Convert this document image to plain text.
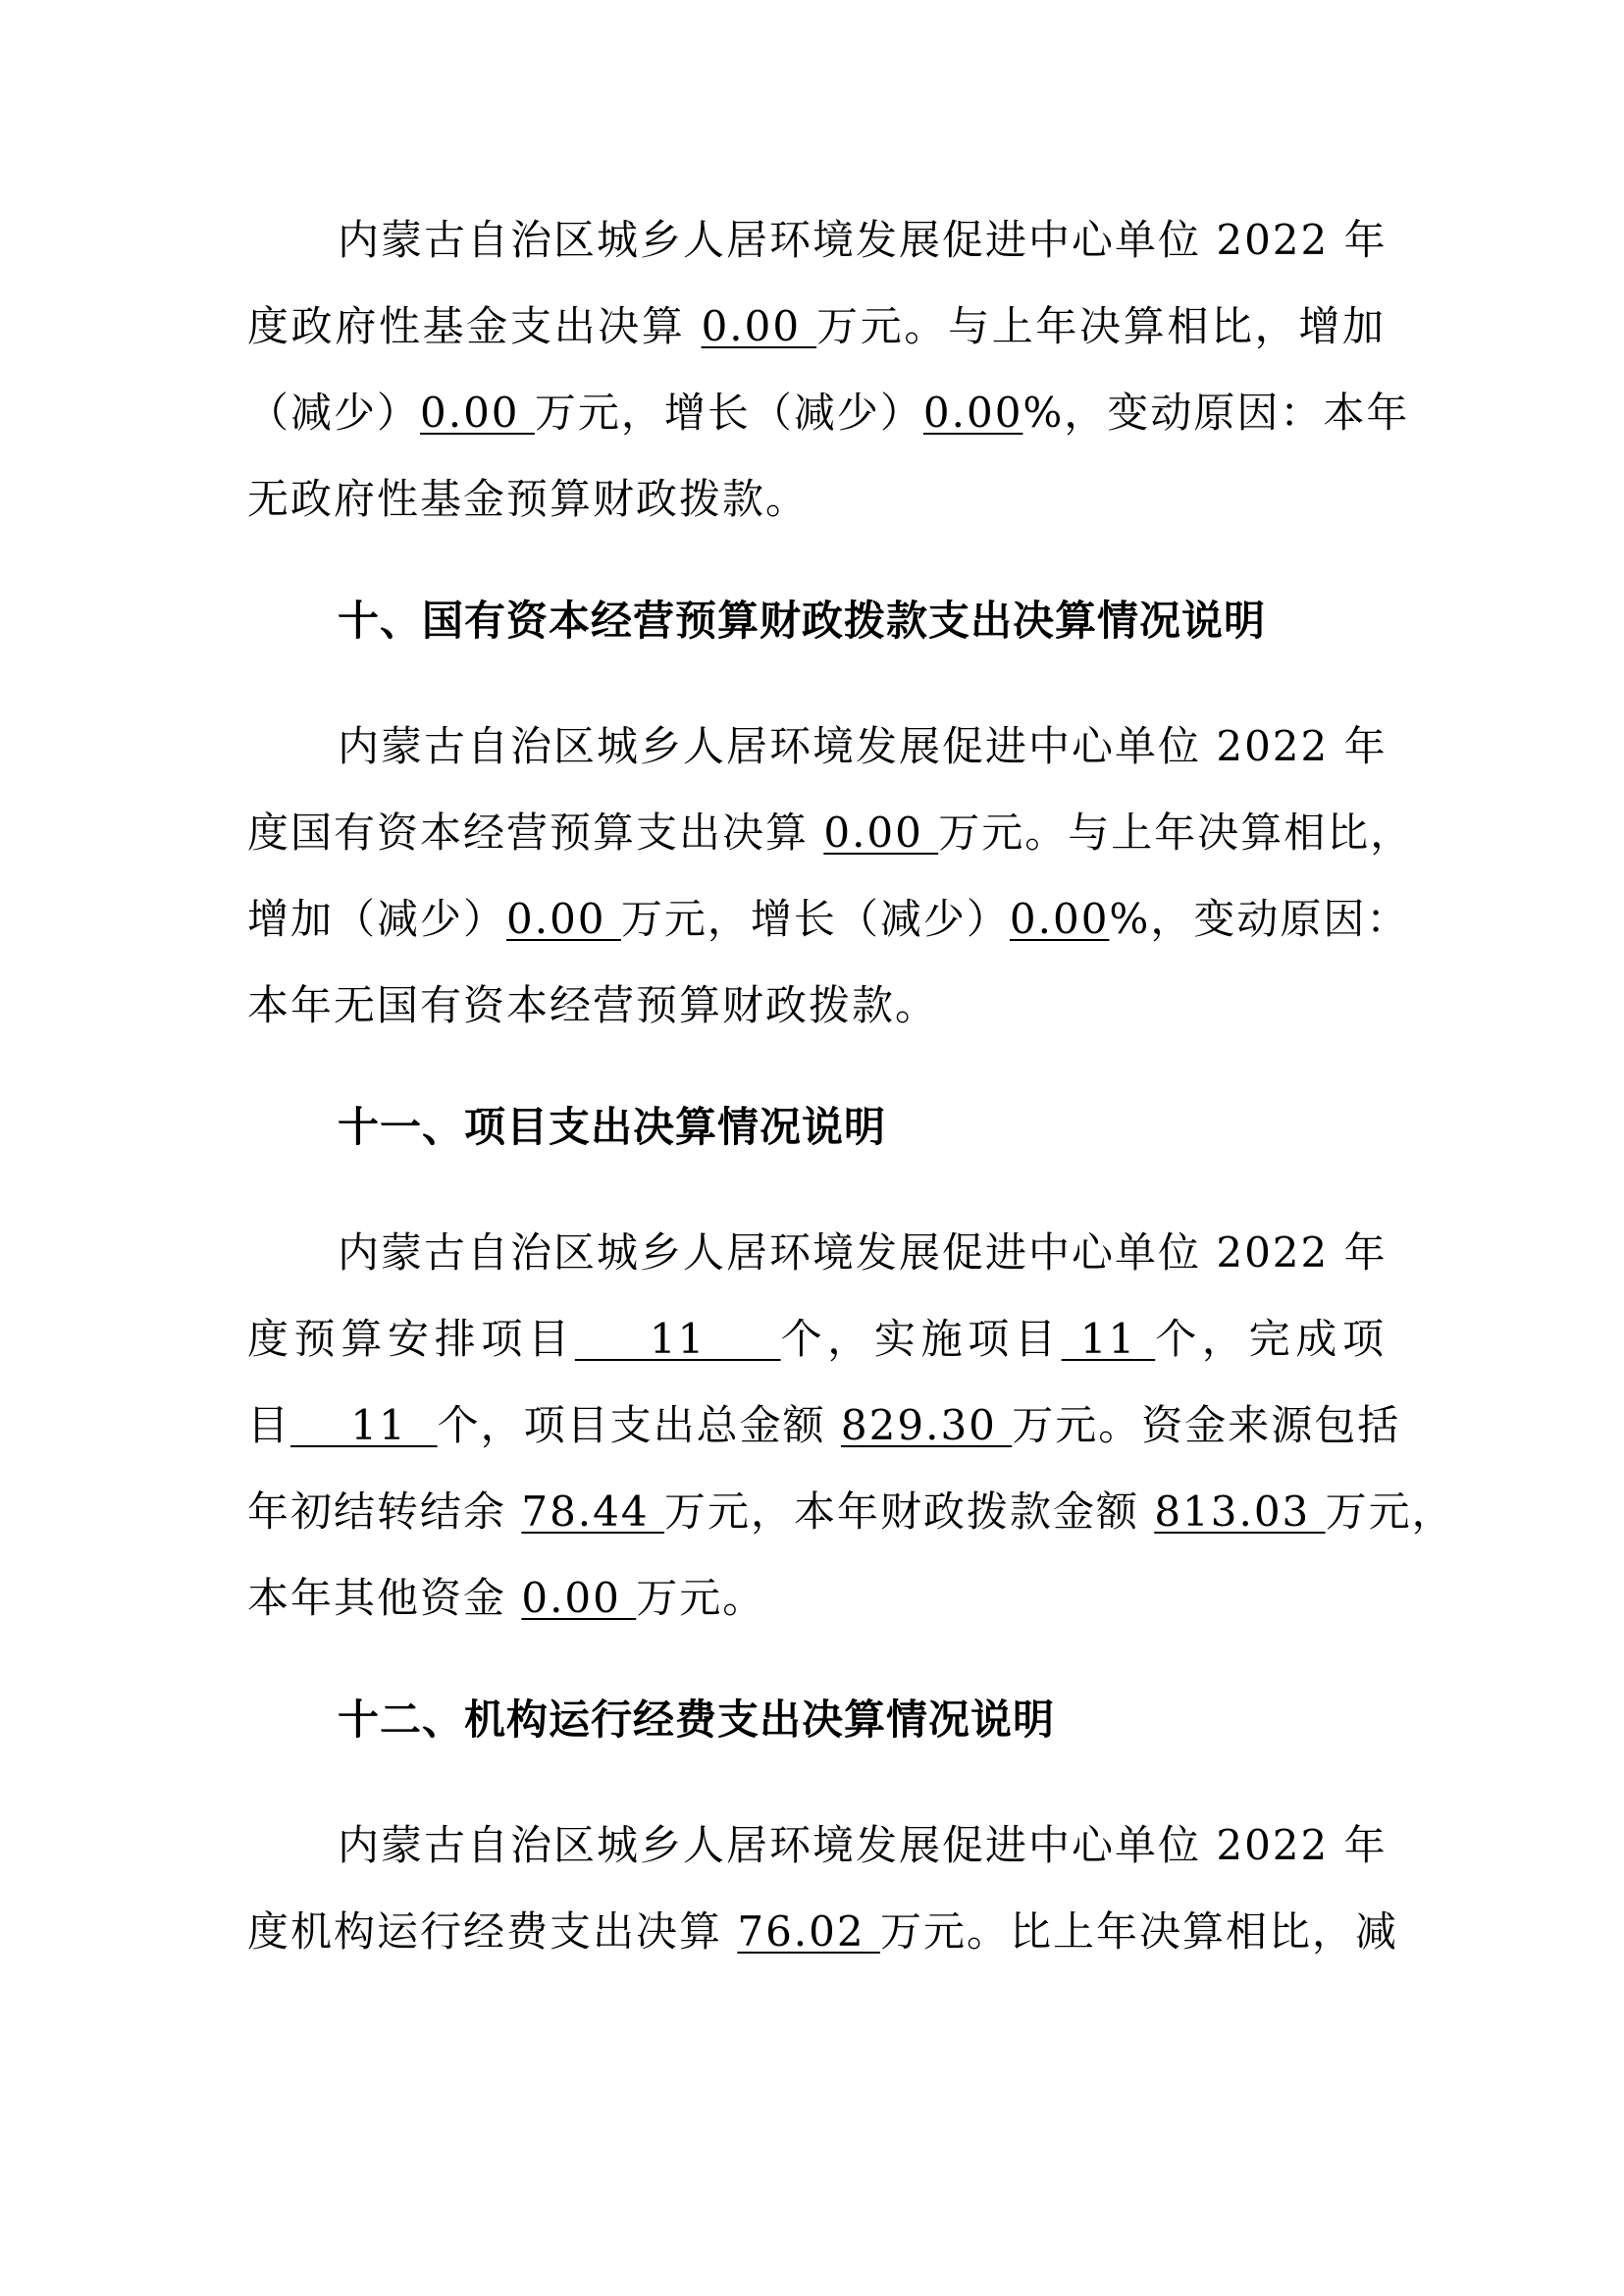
内蒙古自治区城乡人居环境发展促进中心单位 2022 年
度政府性基金支出决算 0.00 万元。与上年决算相比，增加
（减少）0.00 万元，增长（减少）0.00%，变动原因：本年
无政府性基金预算财政拨款。
十、国有资本经营预算财政拨款支出决算情况说明
内蒙古自治区城乡人居环境发展促进中心单位 2022 年
度国有资本经营预算支出决算 0.00 万元。与上年决算相比，
增加（减少）0.00 万元，增长（减少）0.00%，变动原因：
本年无国有资本经营预算财政拨款。
十一、项目支出决算情况说明
内蒙古自治区城乡人居环境发展促进中心单位 2022 年
度预算安排项目    11    个，实施项目 11 个，完成项
目    11  个，项目支出总金额 829.30 万元。资金来源包括
年初结转结余 78.44 万元，本年财政拨款金额 813.03 万元，
本年其他资金 0.00 万元。
十二、机构运行经费支出决算情况说明
内蒙古自治区城乡人居环境发展促进中心单位 2022 年
度机构运行经费支出决算 76.02 万元。比上年决算相比，减
